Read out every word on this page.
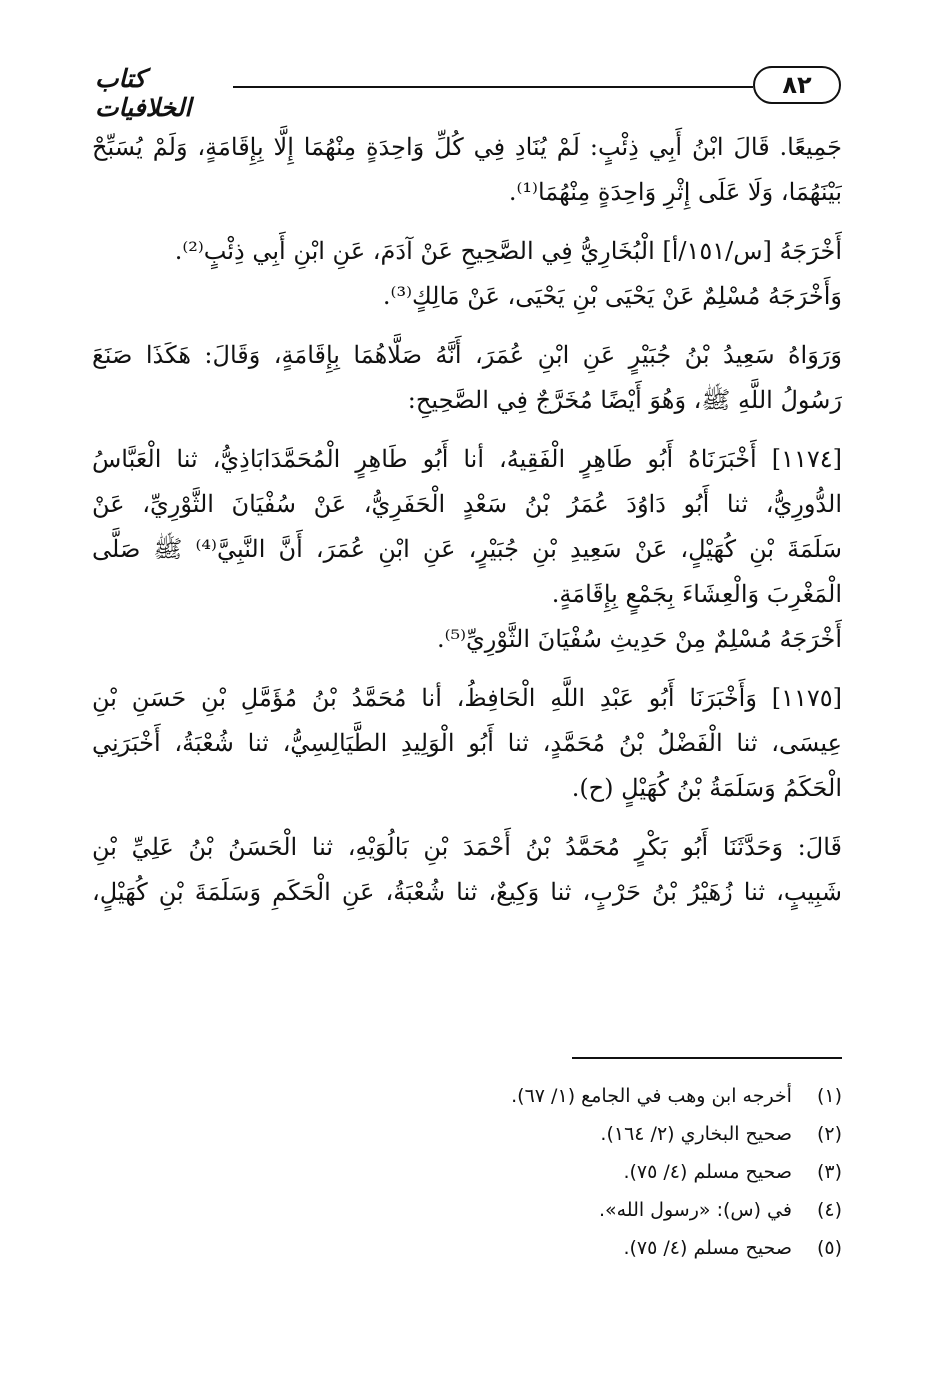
٨٢
كتاب الخلافيات
جَمِيعًا. قَالَ ابْنُ أَبِي ذِئْبٍ: لَمْ يُنَادِ فِي كُلِّ وَاحِدَةٍ مِنْهُمَا إِلَّا بِإِقَامَةٍ، وَلَمْ يُسَبِّحْ
بَيْنَهُمَا، وَلَا عَلَى إِثْرِ وَاحِدَةٍ مِنْهُمَا⁽¹⁾.
أَخْرَجَهُ [س/١٥١/أ] الْبُخَارِيُّ فِي الصَّحِيحِ عَنْ آدَمَ، عَنِ ابْنِ أَبِي ذِئْبٍ⁽²⁾.
وَأَخْرَجَهُ مُسْلِمٌ عَنْ يَحْيَى بْنِ يَحْيَى، عَنْ مَالِكٍ⁽³⁾.
وَرَوَاهُ سَعِيدُ بْنُ جُبَيْرٍ عَنِ ابْنِ عُمَرَ، أَنَّهُ صَلَّاهُمَا بِإِقَامَةٍ، وَقَالَ: هَكَذَا صَنَعَ
رَسُولُ اللَّهِ ﷺ، وَهُوَ أَيْضًا مُخَرَّجٌ فِي الصَّحِيحِ:
[١١٧٤] أَخْبَرَنَاهُ أَبُو طَاهِرٍ الْفَقِيهُ، أنا أَبُو طَاهِرٍ الْمُحَمَّدَابَاذِيُّ، ثنا الْعَبَّاسُ
الدُّورِيُّ، ثنا أَبُو دَاوُدَ عُمَرُ بْنُ سَعْدٍ الْحَفَرِيُّ، عَنْ سُفْيَانَ الثَّوْرِيِّ، عَنْ
سَلَمَةَ بْنِ كُهَيْلٍ، عَنْ سَعِيدِ بْنِ جُبَيْرٍ، عَنِ ابْنِ عُمَرَ، أَنَّ النَّبِيَّ⁽⁴⁾ ﷺ صَلَّى
الْمَغْرِبَ وَالْعِشَاءَ بِجَمْعٍ بِإِقَامَةٍ.
أَخْرَجَهُ مُسْلِمٌ مِنْ حَدِيثِ سُفْيَانَ الثَّوْرِيِّ⁽⁵⁾.
[١١٧٥] وَأَخْبَرَنَا أَبُو عَبْدِ اللَّهِ الْحَافِظُ، أنا مُحَمَّدُ بْنُ مُؤَمَّلِ بْنِ حَسَنِ بْنِ
عِيسَى، ثنا الْفَضْلُ بْنُ مُحَمَّدٍ، ثنا أَبُو الْوَلِيدِ الطَّيَالِسِيُّ، ثنا شُعْبَةُ، أَخْبَرَنِي
الْحَكَمُ وَسَلَمَةُ بْنُ كُهَيْلٍ (ح).
قَالَ: وَحَدَّثَنَا أَبُو بَكْرٍ مُحَمَّدُ بْنُ أَحْمَدَ بْنِ بَالُوَيْهِ، ثنا الْحَسَنُ بْنُ عَلِيِّ بْنِ
شَبِيبٍ، ثنا زُهَيْرُ بْنُ حَرْبٍ، ثنا وَكِيعٌ، ثنا شُعْبَةُ، عَنِ الْحَكَمِ وَسَلَمَةَ بْنِ كُهَيْلٍ،
(١) أخرجه ابن وهب في الجامع (١/ ٦٧).
(٢) صحيح البخاري (٢/ ١٦٤).
(٣) صحيح مسلم (٤/ ٧٥).
(٤) في (س): «رسول الله».
(٥) صحيح مسلم (٤/ ٧٥).
